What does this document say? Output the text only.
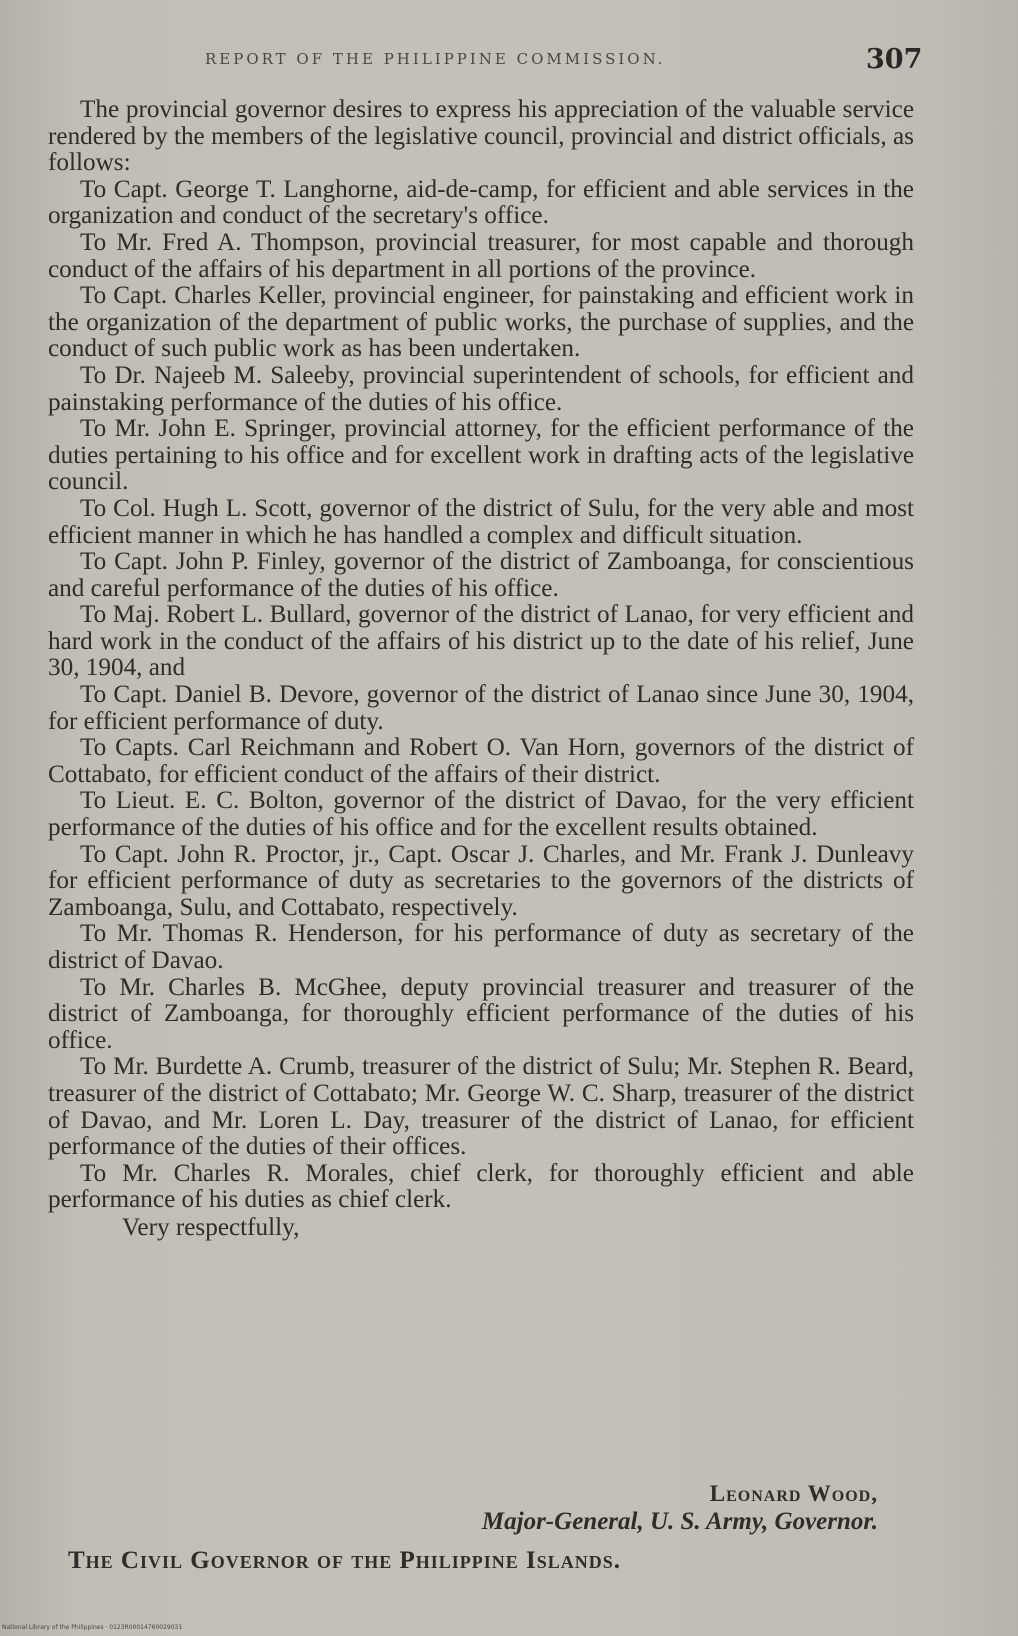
REPORT OF THE PHILIPPINE COMMISSION.	307

The provincial governor desires to express his appreciation of the valuable service rendered by the members of the legislative council, provincial and district officials, as follows:

To Capt. George T. Langhorne, aid-de-camp, for efficient and able services in the organization and conduct of the secretary's office.

To Mr. Fred A. Thompson, provincial treasurer, for most capable and thorough conduct of the affairs of his department in all portions of the province.

To Capt. Charles Keller, provincial engineer, for painstaking and efficient work in the organization of the department of public works, the purchase of supplies, and the conduct of such public work as has been undertaken.

To Dr. Najeeb M. Saleeby, provincial superintendent of schools, for efficient and painstaking performance of the duties of his office.

To Mr. John E. Springer, provincial attorney, for the efficient performance of the duties pertaining to his office and for excellent work in drafting acts of the legislative council.

To Col. Hugh L. Scott, governor of the district of Sulu, for the very able and most efficient manner in which he has handled a complex and difficult situation.

To Capt. John P. Finley, governor of the district of Zamboanga, for conscientious and careful performance of the duties of his office.

To Maj. Robert L. Bullard, governor of the district of Lanao, for very efficient and hard work in the conduct of the affairs of his district up to the date of his relief, June 30, 1904, and

To Capt. Daniel B. Devore, governor of the district of Lanao since June 30, 1904, for efficient performance of duty.

To Capts. Carl Reichmann and Robert O. Van Horn, governors of the district of Cottabato, for efficient conduct of the affairs of their district.

To Lieut. E. C. Bolton, governor of the district of Davao, for the very efficient performance of the duties of his office and for the excellent results obtained.

To Capt. John R. Proctor, jr., Capt. Oscar J. Charles, and Mr. Frank J. Dunleavy for efficient performance of duty as secretaries to the governors of the districts of Zamboanga, Sulu, and Cottabato, respectively.

To Mr. Thomas R. Henderson, for his performance of duty as secretary of the district of Davao.

To Mr. Charles B. McGhee, deputy provincial treasurer and treasurer of the district of Zamboanga, for thoroughly efficient performance of the duties of his office.

To Mr. Burdette A. Crumb, treasurer of the district of Sulu; Mr. Stephen R. Beard, treasurer of the district of Cottabato; Mr. George W. C. Sharp, treasurer of the district of Davao, and Mr. Loren L. Day, treasurer of the district of Lanao, for efficient performance of the duties of their offices.

To Mr. Charles R. Morales, chief clerk, for thoroughly efficient and able performance of his duties as chief clerk.

Very respectfully,

Leonard Wood,
Major-General, U. S. Army, Governor.
The Civil Governor of the Philippine Islands.
National Library of the Philippines · 0123R00014760029031
